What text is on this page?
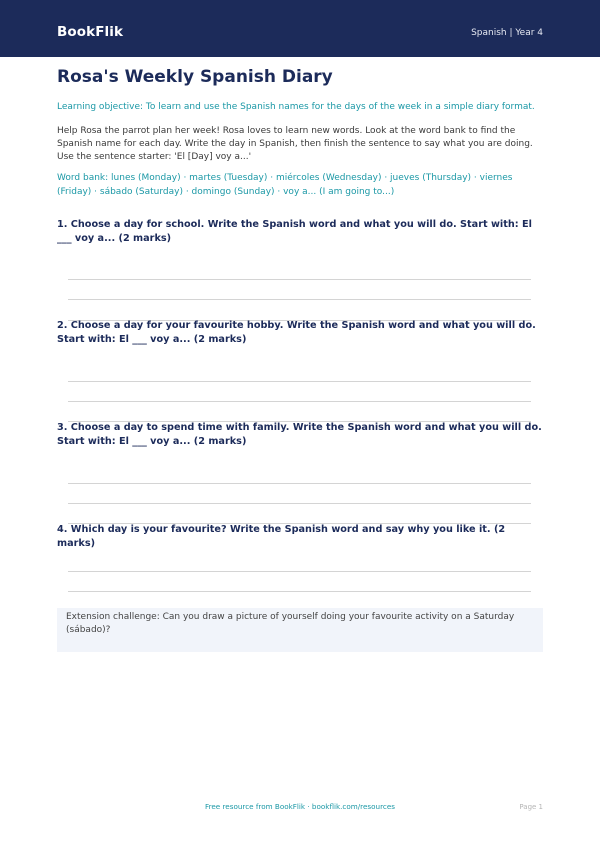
BookFlik	Spanish | Year 4
Rosa's Weekly Spanish Diary
Learning objective: To learn and use the Spanish names for the days of the week in a simple diary format.
Help Rosa the parrot plan her week! Rosa loves to learn new words. Look at the word bank to find the Spanish name for each day. Write the day in Spanish, then finish the sentence to say what you are doing. Use the sentence starter: 'El [Day] voy a...'
Word bank: lunes (Monday) · martes (Tuesday) · miércoles (Wednesday) · jueves (Thursday) · viernes (Friday) · sábado (Saturday) · domingo (Sunday) · voy a... (I am going to...)
1. Choose a day for school. Write the Spanish word and what you will do. Start with: El ___ voy a... (2 marks)
2. Choose a day for your favourite hobby. Write the Spanish word and what you will do. Start with: El ___ voy a... (2 marks)
3. Choose a day to spend time with family. Write the Spanish word and what you will do. Start with: El ___ voy a... (2 marks)
4. Which day is your favourite? Write the Spanish word and say why you like it. (2 marks)
Extension challenge: Can you draw a picture of yourself doing your favourite activity on a Saturday (sábado)?
Free resource from BookFlik · bookflik.com/resources	Page 1
